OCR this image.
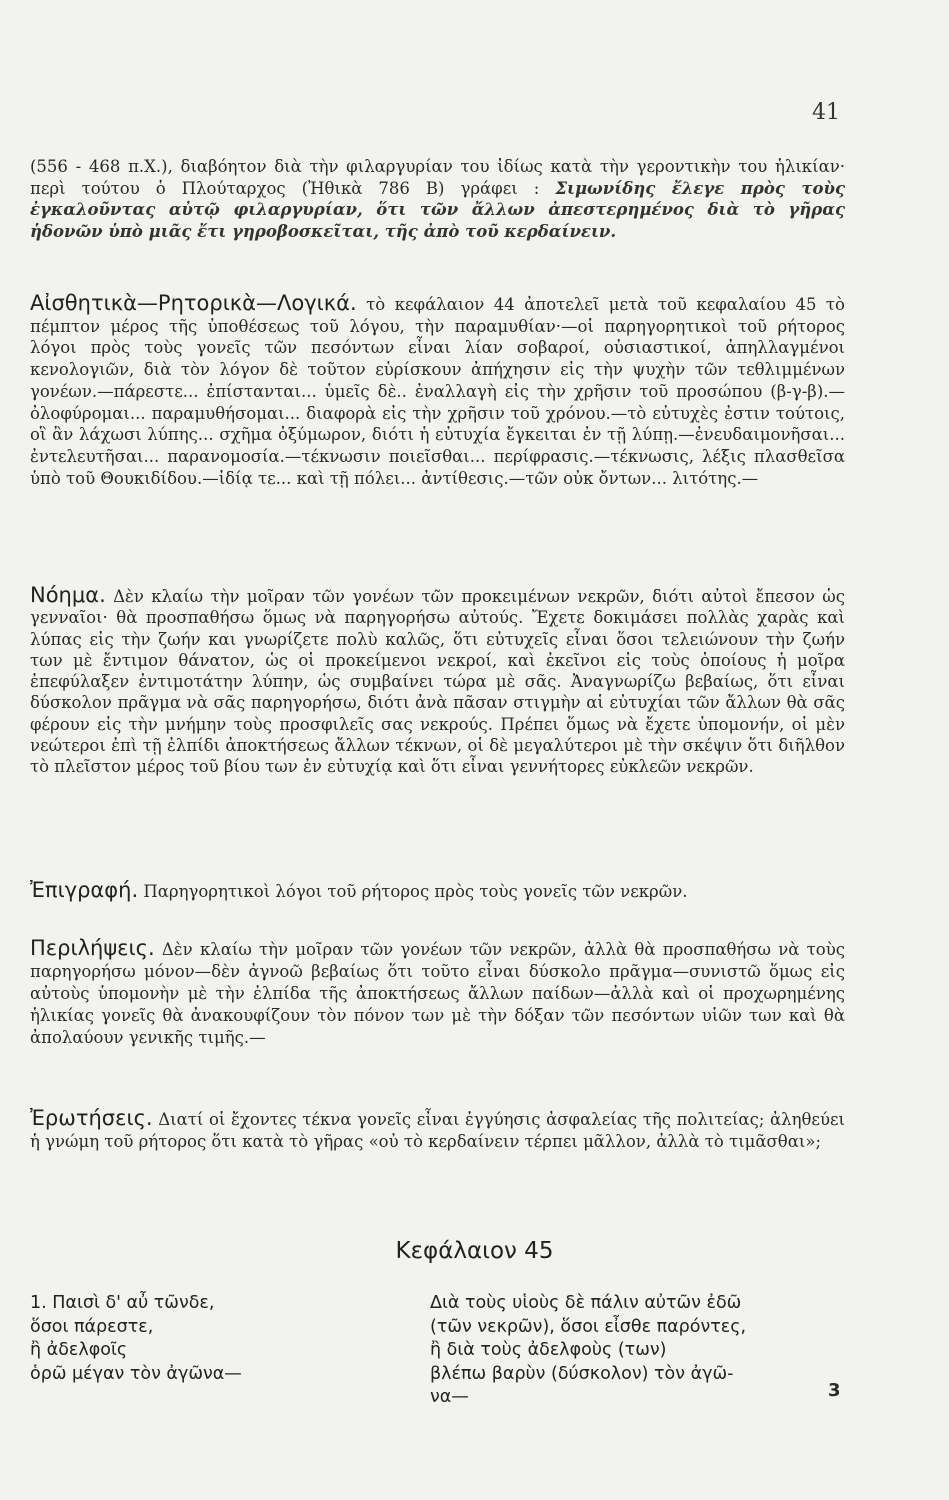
41
(556 - 468 π.Χ.), διαβόητον διὰ τὴν φιλαργυρίαν του ἰδίως κατὰ τὴν γεροντικὴν του ἡλικίαν· περὶ τούτου ὁ Πλούταρχος (Ἠθικὰ 786 Β) γράφει : Σιμωνίδης ἔλεγε πρὸς τοὺς ἐγκαλοῦντας αὐτῷ φιλαργυρίαν, ὅτι τῶν ἄλλων ἀπεστερημένος διὰ τὸ γῆρας ἡδονῶν ὑπὸ μιᾶς ἔτι γηροβοσκεῖται, τῆς ἀπὸ τοῦ κερδαίνειν.
Αἰσθητικὰ—Ρητορικὰ—Λογικά. τὸ κεφάλαιον 44 ἀποτελεῖ μετὰ τοῦ κεφαλαίου 45 τὸ πέμπτον μέρος τῆς ὑποθέσεως τοῦ λόγου, τὴν παραμυθίαν·—οἱ παρηγορητικοὶ τοῦ ρήτορος λόγοι πρὸς τοὺς γονεῖς τῶν πεσόντων εἶναι λίαν σοβαροί, οὐσιαστικοί, ἀπηλλαγμένοι κενολογιῶν, διὰ τὸν λόγον δὲ τοῦτον εὑρίσκουν ἀπήχησιν εἰς τὴν ψυχὴν τῶν τεθλιμμένων γονέων.—πάρεστε... ἐπίστανται... ὑμεῖς δὲ.. ἐναλλαγὴ εἰς τὴν χρῆσιν τοῦ προσώπου (β-γ-β).—ὀλοφύρομαι... παραμυθήσομαι... διαφορὰ εἰς τὴν χρῆσιν τοῦ χρόνου.—τὸ εὐτυχὲς ἐστιν τούτοις, οἳ ἂν λάχωσι λύπης... σχῆμα ὀξύμωρον, διότι ἡ εὐτυχία ἔγκειται ἐν τῇ λύπῃ.—ἐνευδαιμονῆσαι... ἐντελευτῆσαι... παρανομοσία.—τέκνωσιν ποιεῖσθαι... περίφρασις.—τέκνωσις, λέξις πλασθεῖσα ὑπὸ τοῦ Θουκιδίδου.—ἰδίᾳ τε... καὶ τῇ πόλει... ἀντίθεσις.—τῶν οὐκ ὄντων... λιτότης.—
Νόημα. Δὲν κλαίω τὴν μοῖραν τῶν γονέων τῶν προκειμένων νεκρῶν, διότι αὐτοὶ ἔπεσον ὡς γενναῖοι· θὰ προσπαθήσω ὅμως νὰ παρηγορήσω αὐτούς. Ἔχετε δοκιμάσει πολλὰς χαρὰς καὶ λύπας εἰς τὴν ζωήν και γνωρίζετε πολὺ καλῶς, ὅτι εὐτυχεῖς εἶναι ὅσοι τελειώνουν τὴν ζωήν των μὲ ἔντιμον θάνατον, ὡς οἱ προκείμενοι νεκροί, καὶ ἐκεῖνοι εἰς τοὺς ὁποίους ἡ μοῖρα ἐπεφύλαξεν ἐντιμοτάτην λύπην, ὡς συμβαίνει τώρα μὲ σᾶς. Ἀναγνωρίζω βεβαίως, ὅτι εἶναι δύσκολον πρᾶγμα νὰ σᾶς παρηγορήσω, διότι ἀνὰ πᾶσαν στιγμὴν αἱ εὐτυχίαι τῶν ἄλλων θὰ σᾶς φέρουν εἰς τὴν μνήμην τοὺς προσφιλεῖς σας νεκρούς. Πρέπει ὅμως νὰ ἔχετε ὑπομονήν, οἱ μὲν νεώτεροι ἐπὶ τῇ ἐλπίδι ἀποκτήσεως ἄλλων τέκνων, οἱ δὲ μεγαλύτεροι μὲ τὴν σκέψιν ὅτι διῆλθον τὸ πλεῖστον μέρος τοῦ βίου των ἐν εὐτυχίᾳ καὶ ὅτι εἶναι γεννήτορες εὐκλεῶν νεκρῶν.
Ἐπιγραφή. Παρηγορητικοὶ λόγοι τοῦ ρήτορος πρὸς τοὺς γονεῖς τῶν νεκρῶν.
Περιλήψεις. Δὲν κλαίω τὴν μοῖραν τῶν γονέων τῶν νεκρῶν, ἀλλὰ θὰ προσπαθήσω νὰ τοὺς παρηγορήσω μόνον—δὲν ἀγνοῶ βεβαίως ὅτι τοῦτο εἶναι δύσκολο πρᾶγμα—συνιστῶ ὅμως εἰς αὐτοὺς ὑπομονὴν μὲ τὴν ἐλπίδα τῆς ἀποκτήσεως ἄλλων παίδων—ἀλλὰ καὶ οἱ προχωρημένης ἡλικίας γονεῖς θὰ ἀνακουφίζουν τὸν πόνον των μὲ τὴν δόξαν τῶν πεσόντων υἱῶν των καὶ θὰ ἀπολαύουν γενικῆς τιμῆς.—
Ἐρωτήσεις. Διατί οἱ ἔχοντες τέκνα γονεῖς εἶναι ἐγγύησις ἀσφαλείας τῆς πολιτείας; ἀληθεύει ἡ γνώμη τοῦ ρήτορος ὅτι κατὰ τὸ γῆρας «οὐ τὸ κερδαίνειν τέρπει μᾶλλον, ἀλλὰ τὸ τιμᾶσθαι»;
Κεφάλαιον 45
1. Παισὶ δ' αὖ τῶνδε,
ὅσοι πάρεστε,
ἢ ἀδελφοῖς
ὁρῶ μέγαν τὸν ἀγῶνα—
Διὰ τοὺς υἱοὺς δὲ πάλιν αὐτῶν ἐδῶ
(τῶν νεκρῶν), ὅσοι εἶσθε παρόντες,
ἢ διὰ τοὺς ἀδελφοὺς (των)
βλέπω βαρὺν (δύσκολον) τὸν ἀγῶ-
να—	3
